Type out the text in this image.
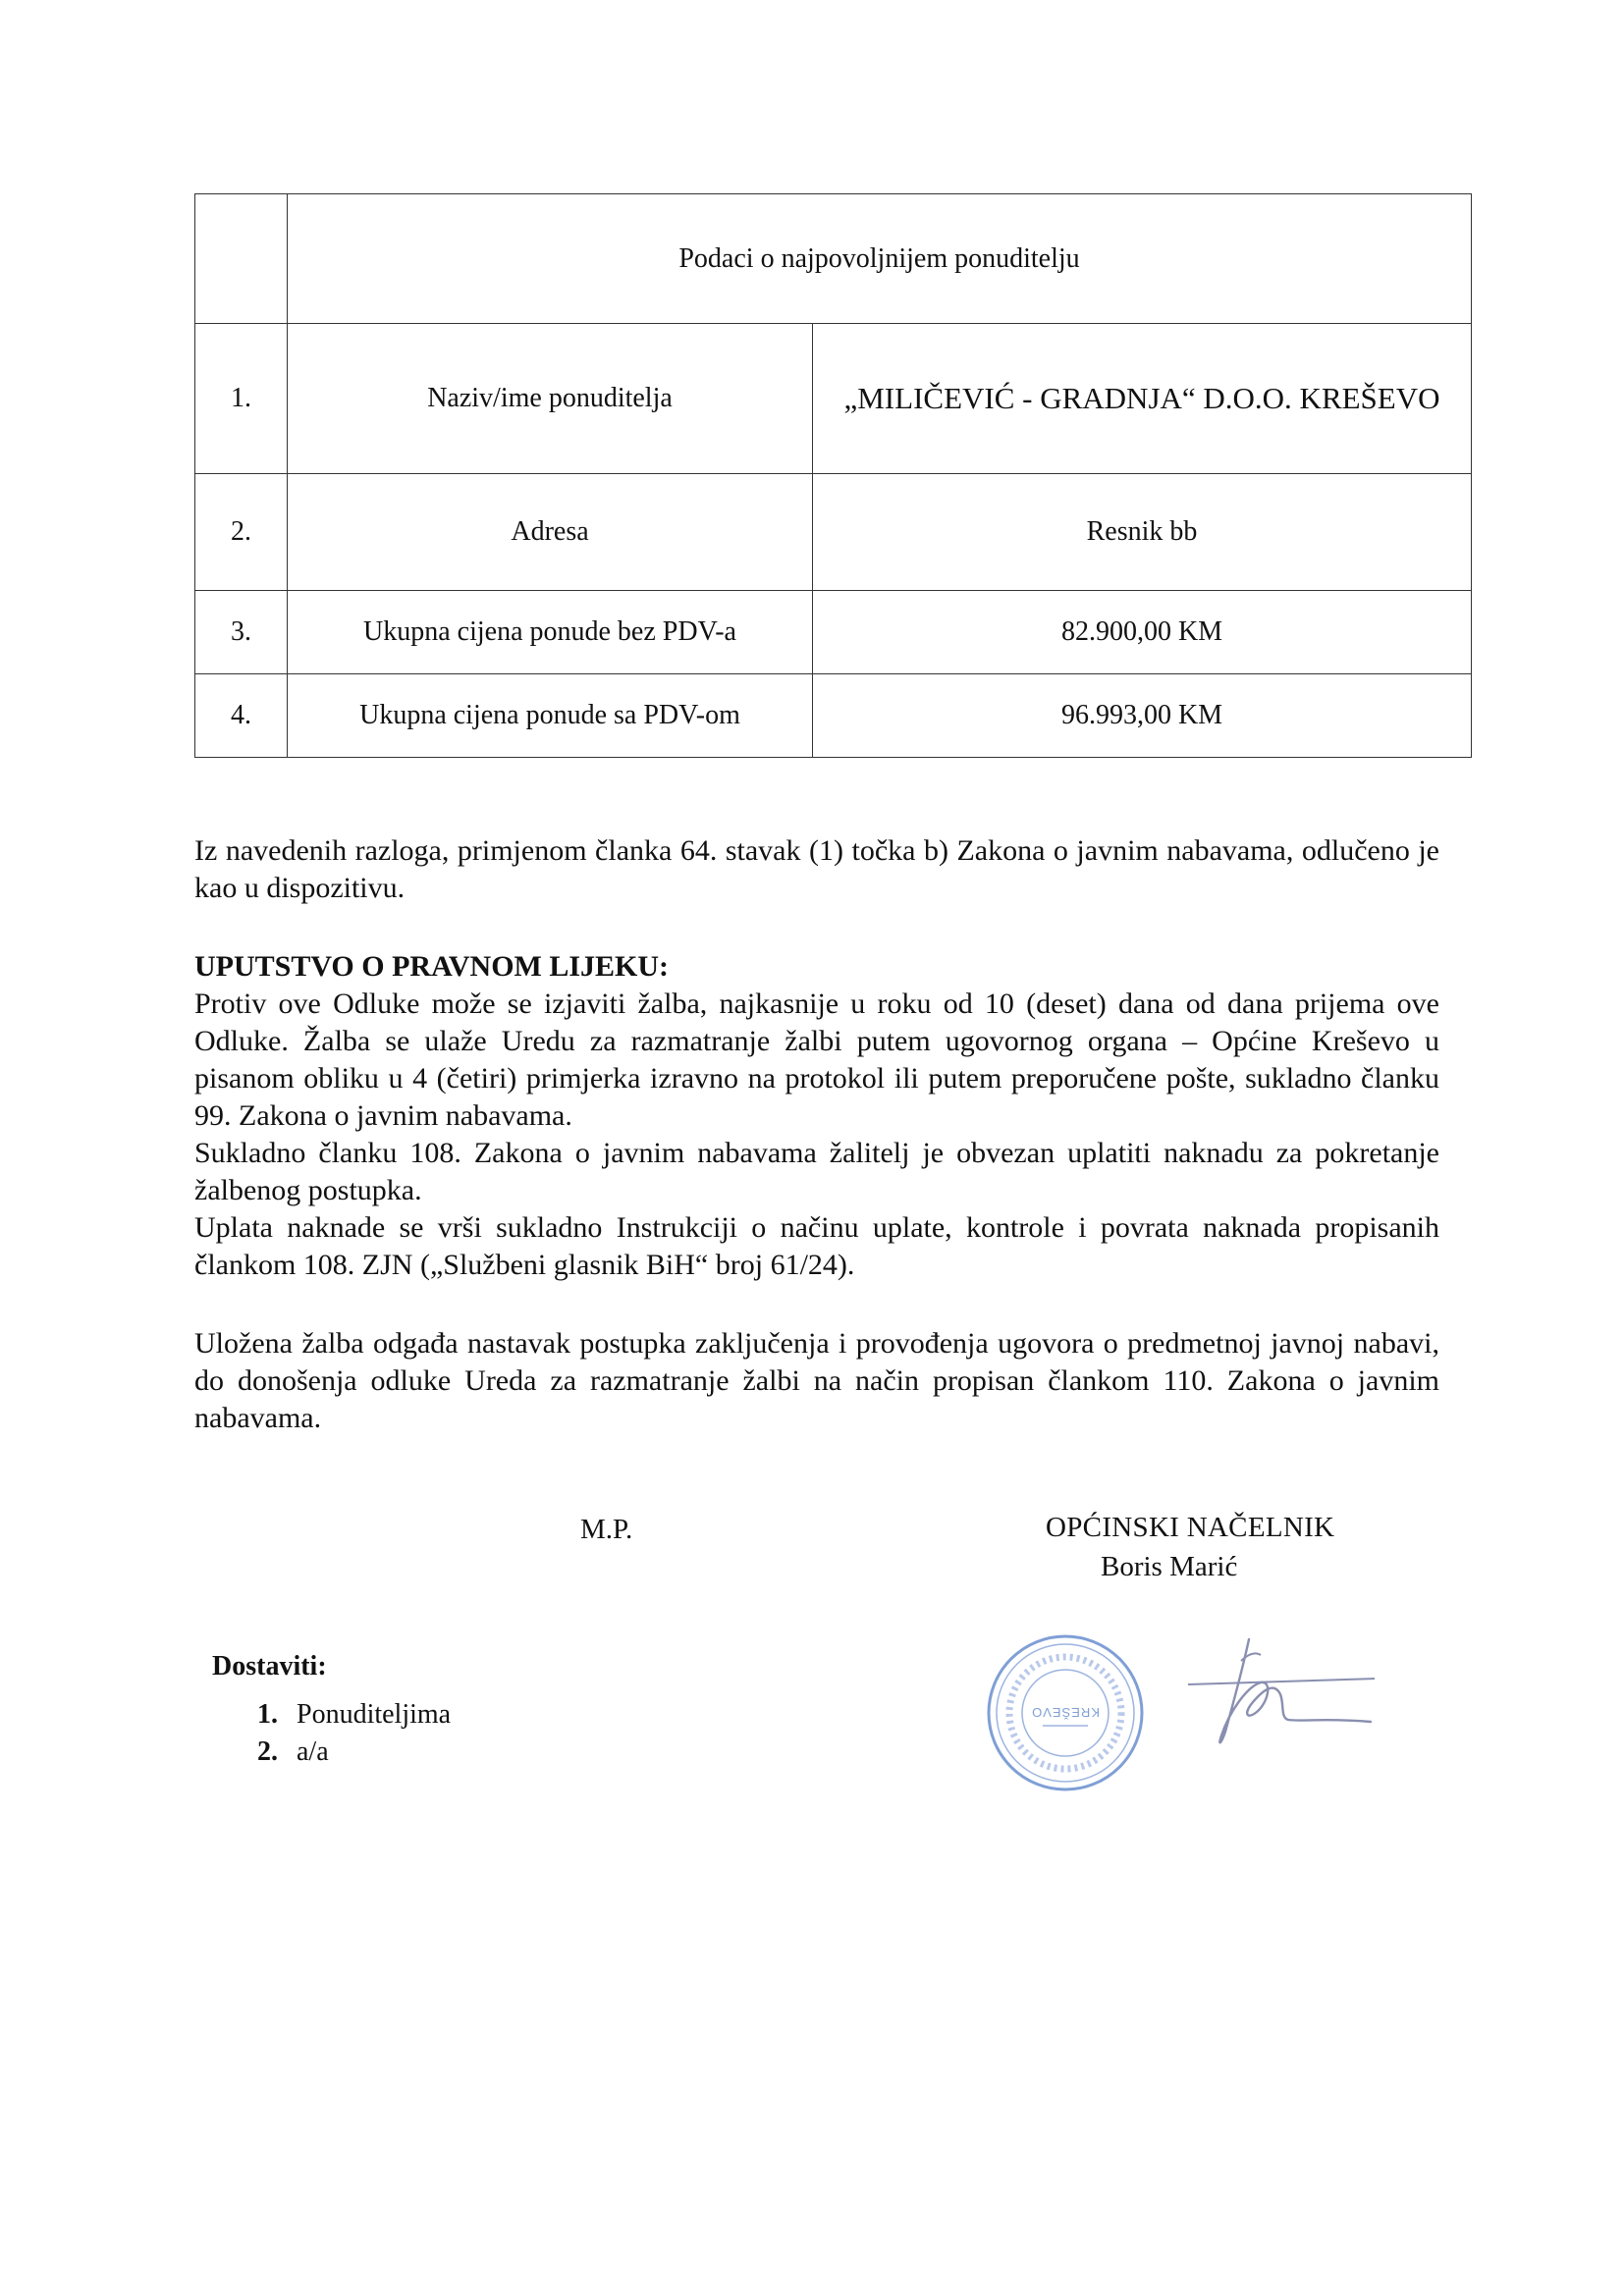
	Podaci o najpovoljnijem ponuditelju	
1.	Naziv/ime ponuditelja	„MILIČEVIĆ - GRADNJA“ D.O.O. KREŠEVO
2.	Adresa	Resnik bb
3.	Ukupna cijena ponude bez PDV-a	82.900,00 KM
4.	Ukupna cijena ponude sa PDV-om	96.993,00 KM

Iz navedenih razloga, primjenom članka 64. stavak (1) točka b) Zakona o javnim nabavama, odlučeno je kao u dispozitivu.

UPUTSTVO O PRAVNOM LIJEKU:

Protiv ove Odluke može se izjaviti žalba, najkasnije u roku od 10 (deset) dana od dana prijema ove Odluke. Žalba se ulaže Uredu za razmatranje žalbi putem ugovornog organa – Općine Kreševo u pisanom obliku u 4 (četiri) primjerka izravno na protokol ili putem preporučene pošte, sukladno članku 99. Zakona o javnim nabavama.

Sukladno članku 108. Zakona o javnim nabavama žalitelj je obvezan uplatiti naknadu za pokretanje žalbenog postupka.

Uplata naknade se vrši sukladno Instrukciji o načinu uplate, kontrole i povrata naknada propisanih člankom 108. ZJN („Službeni glasnik BiH“ broj 61/24).

Uložena žalba odgađa nastavak postupka zaključenja i provođenja ugovora o predmetnoj javnoj nabavi, do donošenja odluke Ureda za razmatranje žalbi na način propisan člankom 110. Zakona o javnim nabavama.

M.P.	OPĆINSKI NAČELNIK
Boris Marić
Dostaviti:
1. Ponuditeljima
2. a/a
KREŠEVO
